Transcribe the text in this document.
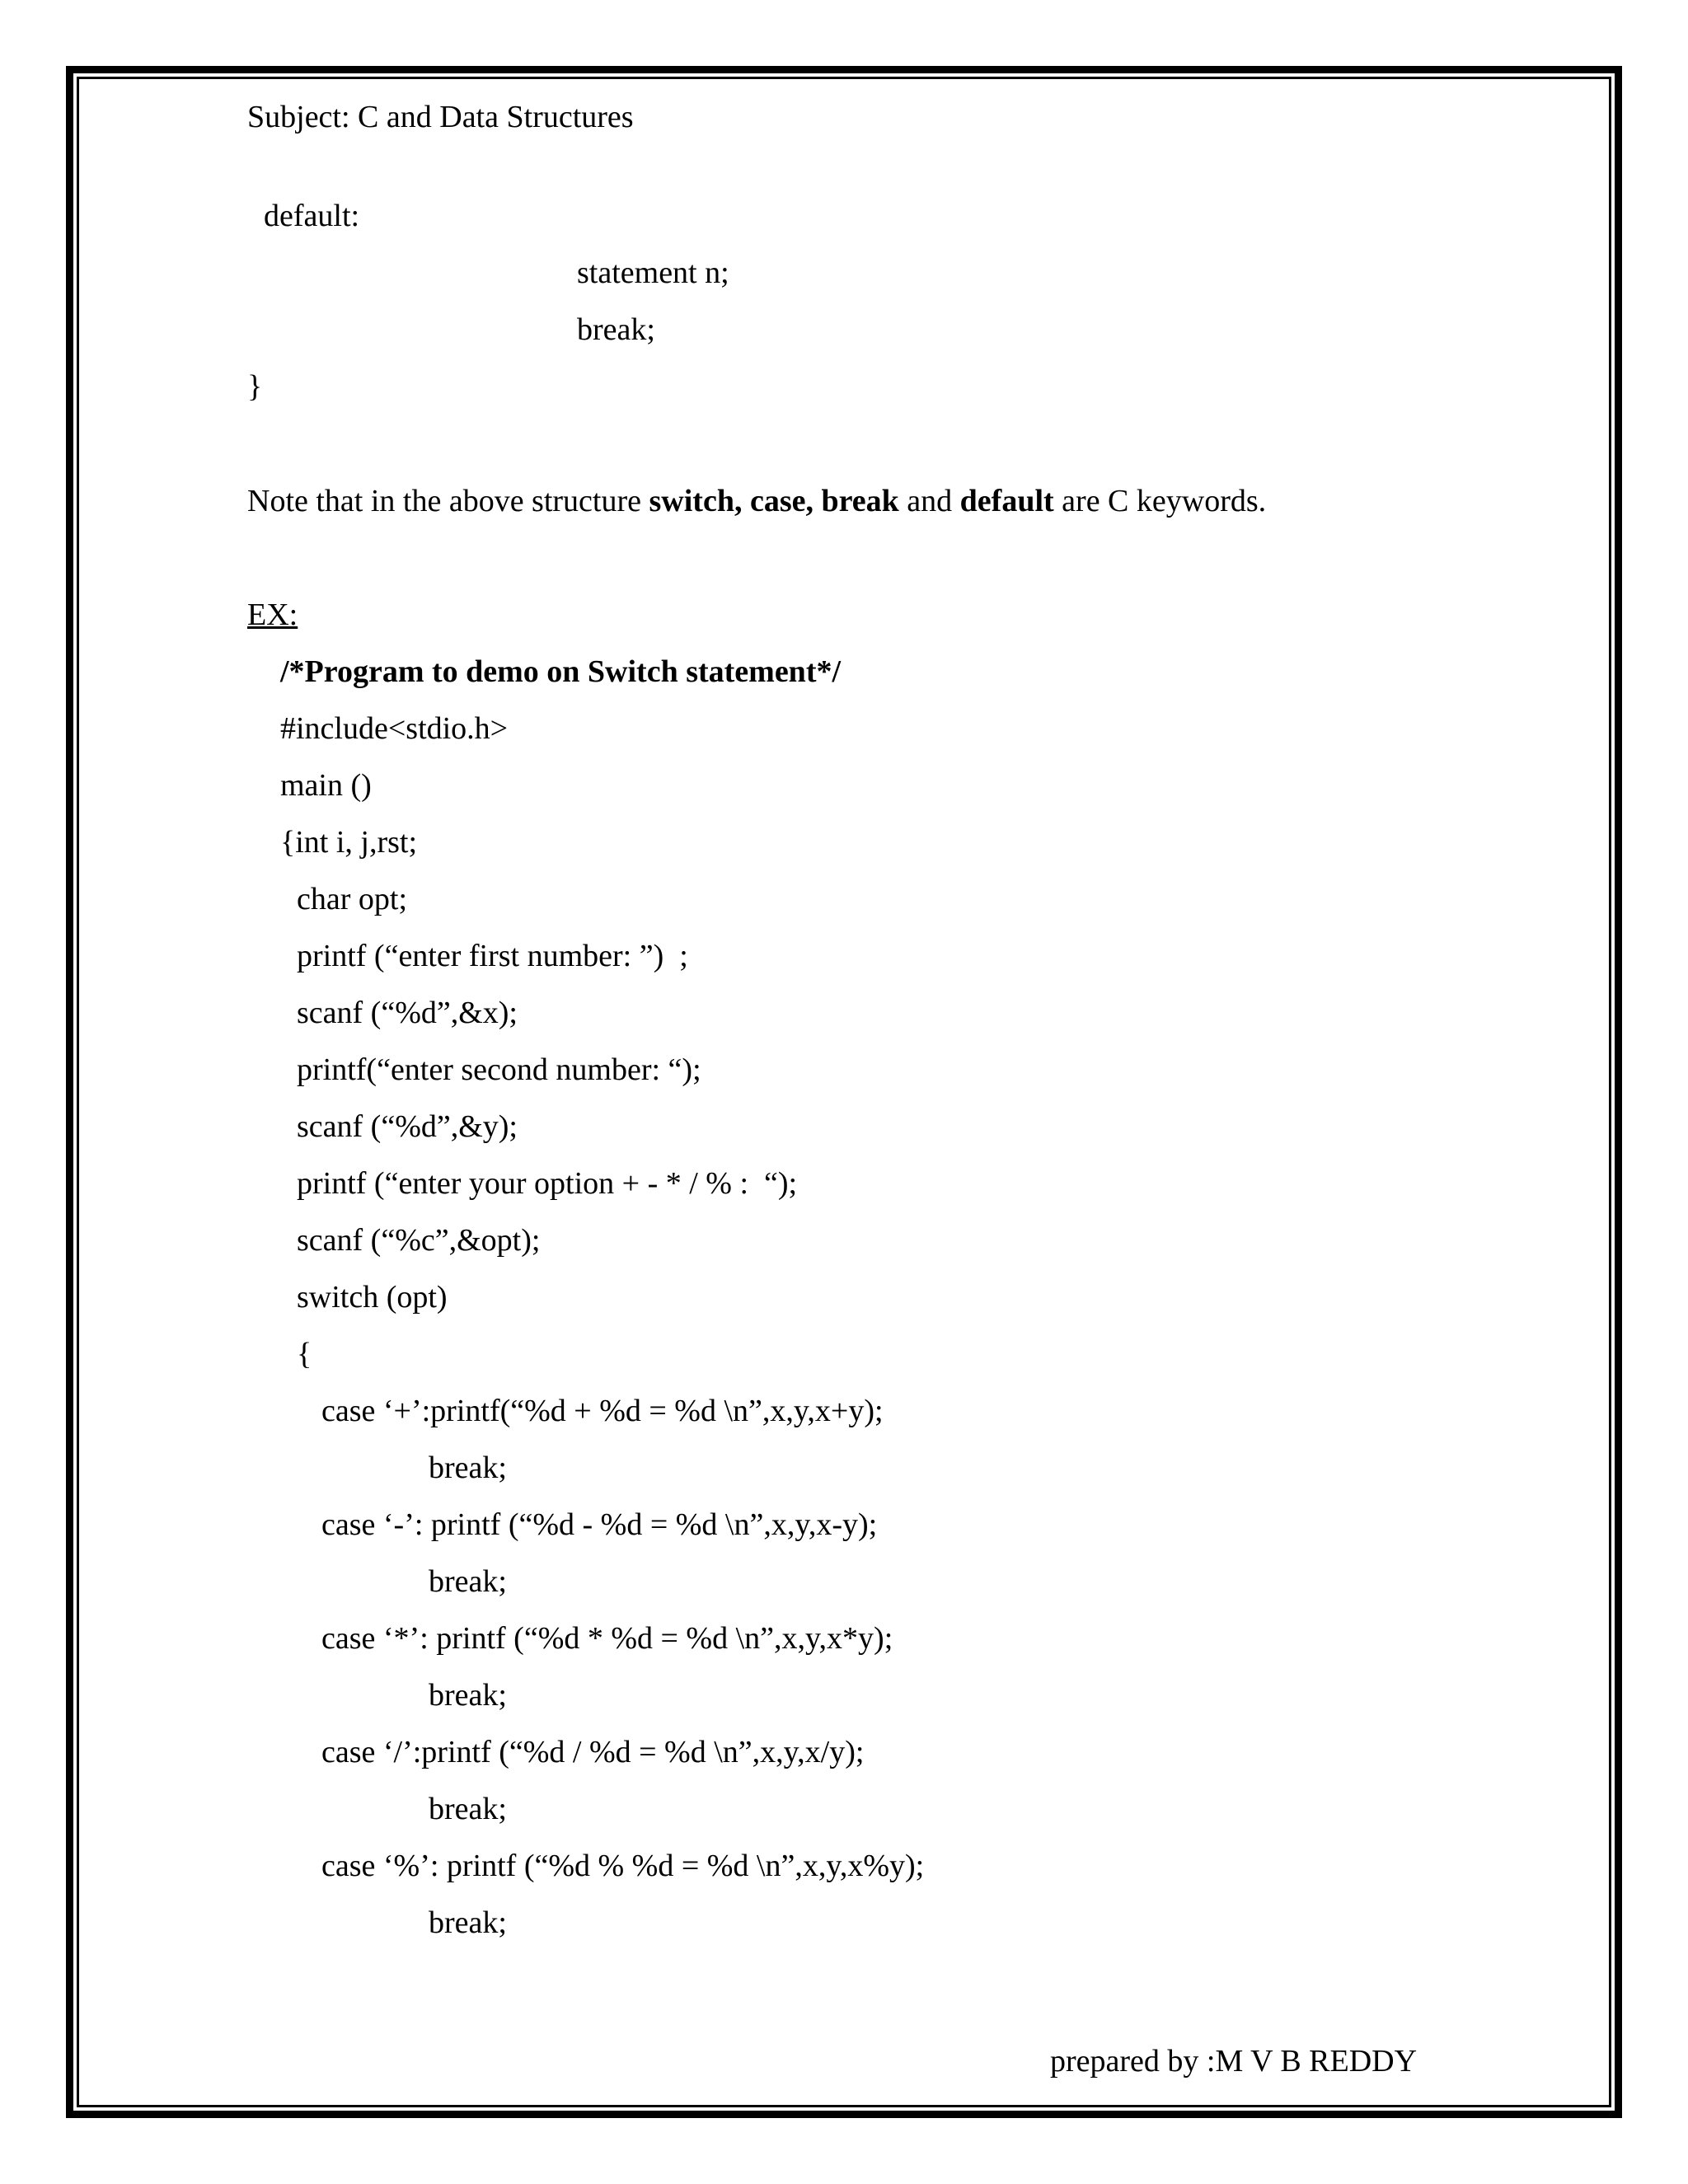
Subject: C and Data Structures
default:
statement n;
break;
}
Note that in the above structure switch, case, break and default are C keywords.
EX:
/*Program to demo on Switch statement*/
#include<stdio.h>
main ()
{int i, j,rst;
char opt;
printf (“enter first number: ”)  ;
scanf (“%d”,&x);
printf(“enter second number: “);
scanf (“%d”,&y);
printf (“enter your option + - * / % :  “);
scanf (“%c”,&opt);
switch (opt)
{
case ‘+’:printf(“%d + %d = %d \n”,x,y,x+y);
break;
case ‘-’: printf (“%d - %d = %d \n”,x,y,x-y);
break;
case ‘*’: printf (“%d * %d = %d \n”,x,y,x*y);
break;
case ‘/’:printf (“%d / %d = %d \n”,x,y,x/y);
break;
case ‘%’: printf (“%d % %d = %d \n”,x,y,x%y);
break;
prepared by :M V B REDDY
